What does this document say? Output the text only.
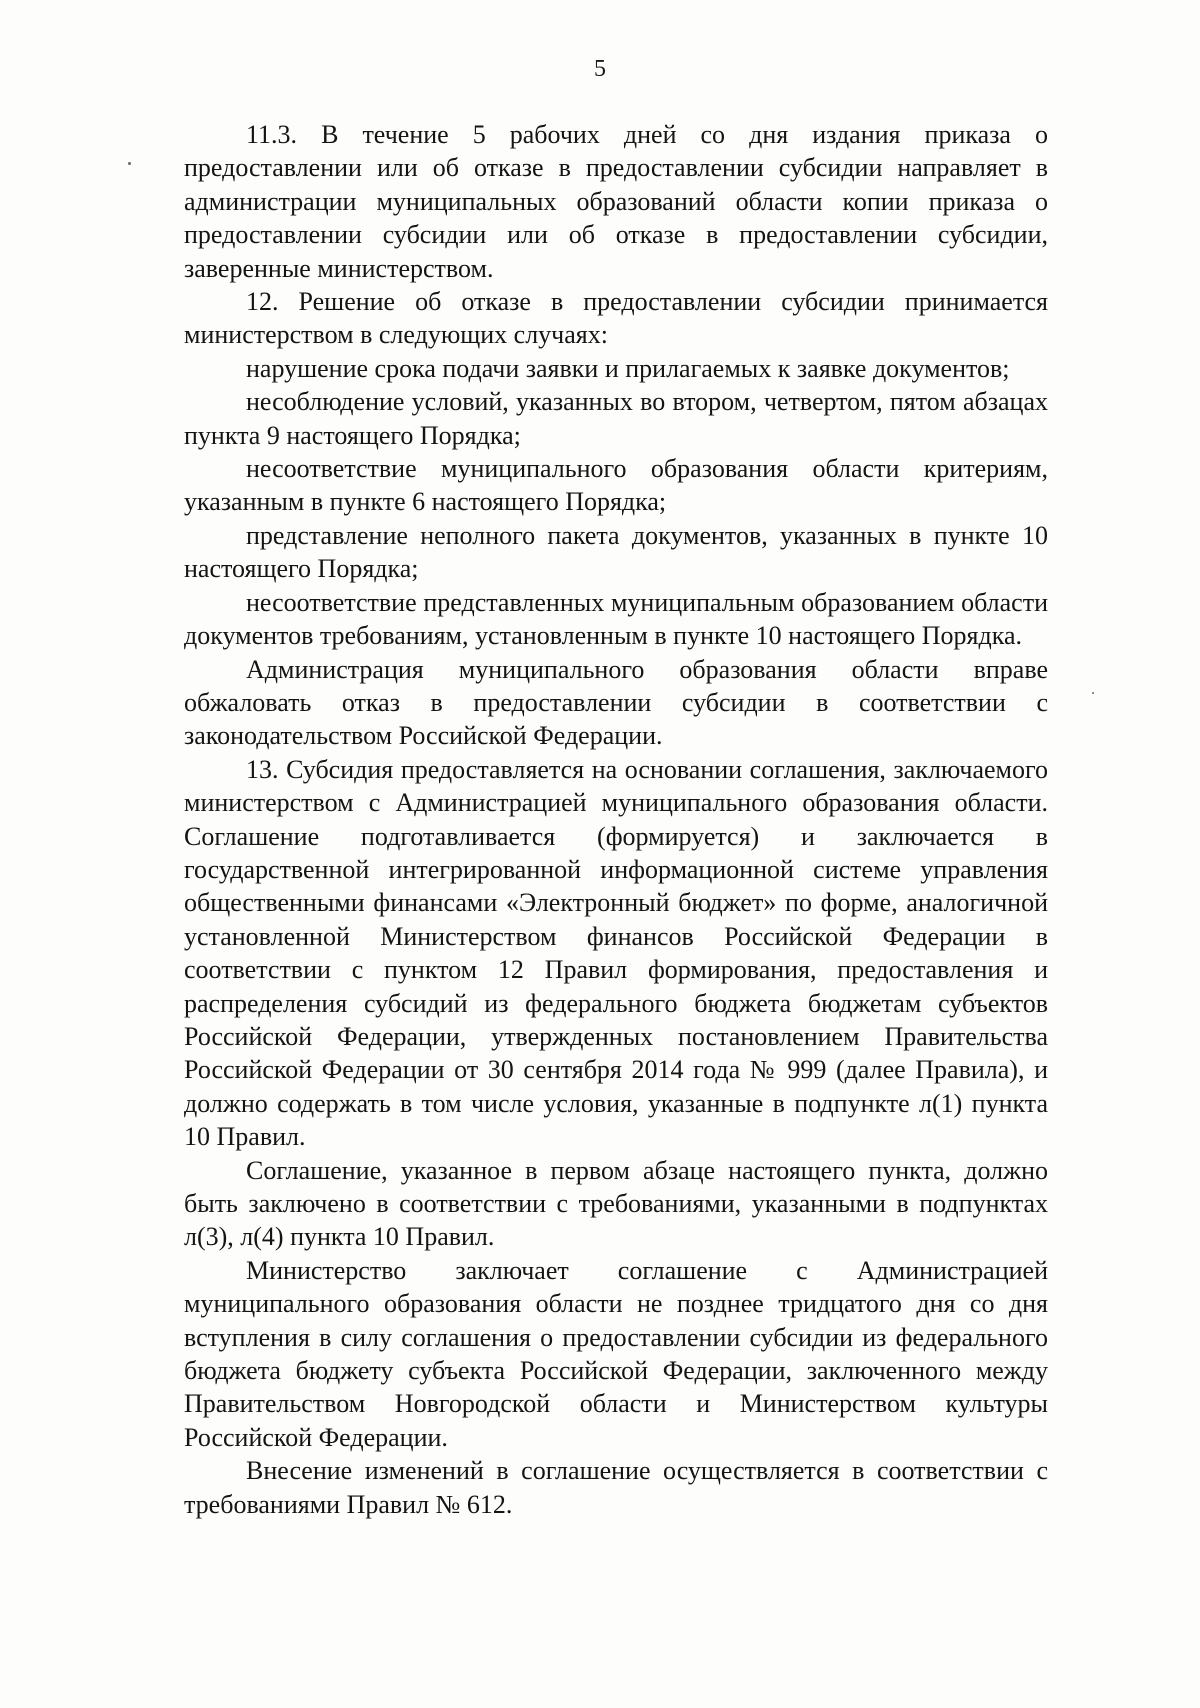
5

11.3. В течение 5 рабочих дней со дня издания приказа о предоставлении или об отказе в предоставлении субсидии направляет в администрации муниципальных образований области копии приказа о предоставлении субсидии или об отказе в предоставлении субсидии, заверенные министерством.

12. Решение об отказе в предоставлении субсидии принимается министерством в следующих случаях:

нарушение срока подачи заявки и прилагаемых к заявке документов;

несоблюдение условий, указанных во втором, четвертом, пятом абзацах пункта 9 настоящего Порядка;

несоответствие муниципального образования области критериям, указанным в пункте 6 настоящего Порядка;

представление неполного пакета документов, указанных в пункте 10 настоящего Порядка;

несоответствие представленных муниципальным образованием области документов требованиям, установленным в пункте 10 настоящего Порядка.

Администрация муниципального образования области вправе обжаловать отказ в предоставлении субсидии в соответствии с законодательством Российской Федерации.

13. Субсидия предоставляется на основании соглашения, заключаемого министерством с Администрацией муниципального образования области. Соглашение подготавливается (формируется) и заключается в государственной интегрированной информационной системе управления общественными финансами «Электронный бюджет» по форме, аналогичной установленной Министерством финансов Российской Федерации в соответствии с пунктом 12 Правил формирования, предоставления и распределения субсидий из федерального бюджета бюджетам субъектов Российской Федерации, утвержденных постановлением Правительства Российской Федерации от 30 сентября 2014 года № 999 (далее Правила), и должно содержать в том числе условия, указанные в подпункте л(1) пункта 10 Правил.

Соглашение, указанное в первом абзаце настоящего пункта, должно быть заключено в соответствии с требованиями, указанными в подпунктах л(3), л(4) пункта 10 Правил.

Министерство заключает соглашение с Администрацией муниципального образования области не позднее тридцатого дня со дня вступления в силу соглашения о предоставлении субсидии из федерального бюджета бюджету субъекта Российской Федерации, заключенного между Правительством Новгородской области и Министерством культуры Российской Федерации.

Внесение изменений в соглашение осуществляется в соответствии с требованиями Правил № 612.
